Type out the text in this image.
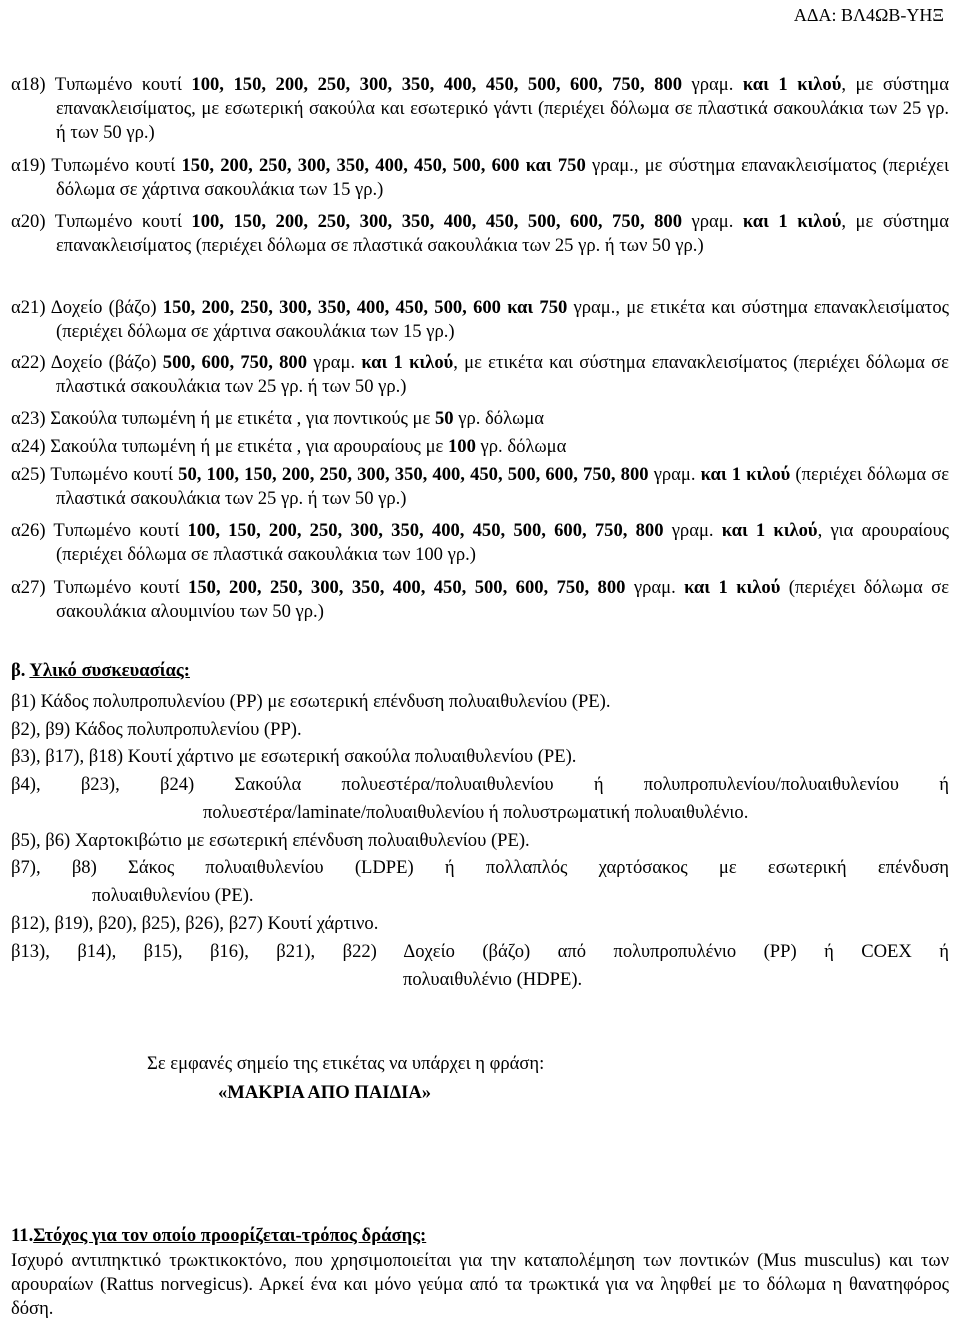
ΑΔΑ: ΒΛ4ΩΒ-ΥΗΞ
α18) Τυπωμένο κουτί 100, 150, 200, 250, 300, 350, 400, 450, 500, 600, 750, 800 γραμ. και 1 κιλού, με σύστημα επανακλεισίματος, με εσωτερική σακούλα και εσωτερικό γάντι (περιέχει δόλωμα σε πλαστικά σακουλάκια των 25 γρ. ή των 50 γρ.)
α19) Τυπωμένο κουτί 150, 200, 250, 300, 350, 400, 450, 500, 600 και 750 γραμ., με σύστημα επανακλεισίματος (περιέχει δόλωμα σε χάρτινα σακουλάκια των 15 γρ.)
α20) Τυπωμένο κουτί 100, 150, 200, 250, 300, 350, 400, 450, 500, 600, 750, 800 γραμ. και 1 κιλού, με σύστημα επανακλεισίματος (περιέχει δόλωμα σε πλαστικά σακουλάκια των 25 γρ. ή των 50 γρ.)
α21) Δοχείο (βάζο) 150, 200, 250, 300, 350, 400, 450, 500, 600 και 750 γραμ., με ετικέτα και σύστημα επανακλεισίματος (περιέχει δόλωμα σε χάρτινα σακουλάκια των 15 γρ.)
α22) Δοχείο (βάζο) 500, 600, 750, 800 γραμ. και 1 κιλού, με ετικέτα και σύστημα επανακλεισίματος (περιέχει δόλωμα σε πλαστικά σακουλάκια των 25 γρ. ή των 50 γρ.)
α23) Σακούλα τυπωμένη ή με ετικέτα , για ποντικούς με 50 γρ. δόλωμα
α24) Σακούλα τυπωμένη ή με ετικέτα , για αρουραίους με 100 γρ. δόλωμα
α25) Τυπωμένο κουτί 50, 100, 150, 200, 250, 300, 350, 400, 450, 500, 600, 750, 800 γραμ. και 1 κιλού (περιέχει δόλωμα σε πλαστικά σακουλάκια των 25 γρ. ή των 50 γρ.)
α26) Τυπωμένο κουτί 100, 150, 200, 250, 300, 350, 400, 450, 500, 600, 750, 800 γραμ. και 1 κιλού, για αρουραίους (περιέχει δόλωμα σε πλαστικά σακουλάκια των 100 γρ.)
α27) Τυπωμένο κουτί 150, 200, 250, 300, 350, 400, 450, 500, 600, 750, 800 γραμ. και 1 κιλού (περιέχει δόλωμα σε σακουλάκια αλουμινίου των 50 γρ.)
β. Υλικό συσκευασίας:
β1) Κάδος πολυπροπυλενίου (PP) με εσωτερική επένδυση πολυαιθυλενίου (PE).
β2), β9) Κάδος πολυπροπυλενίου (PP).
β3), β17), β18) Κουτί χάρτινο με εσωτερική σακούλα πολυαιθυλενίου (PE).
β4), β23), β24) Σακούλα πολυεστέρα/πολυαιθυλενίου ή πολυπροπυλενίου/πολυαιθυλενίου ή
πολυεστέρα/laminate/πολυαιθυλενίου ή πολυστρωματική πολυαιθυλένιο.
β5), β6) Χαρτοκιβώτιο με εσωτερική επένδυση πολυαιθυλενίου (PE).
β7), β8) Σάκος πολυαιθυλενίου (LDPE) ή πολλαπλός χαρτόσακος με εσωτερική επένδυση
πολυαιθυλενίου (PE).
β12), β19), β20), β25), β26), β27) Κουτί χάρτινο.
β13), β14), β15), β16), β21), β22) Δοχείο (βάζο) από πολυπροπυλένιο (PP) ή COEX ή
πολυαιθυλένιο (HDPE).
Σε εμφανές σημείο της ετικέτας να υπάρχει η φράση:
«ΜΑΚΡΙΑ ΑΠΟ ΠΑΙΔΙΑ»
11.Στόχος για τον οποίο προορίζεται-τρόπος δράσης:
Ισχυρό αντιπηκτικό τρωκτικοκτόνο, που χρησιμοποιείται για την καταπολέμηση των ποντικών (Mus musculus) και των αρουραίων (Rattus norvegicus). Αρκεί ένα και μόνο γεύμα από τα τρωκτικά για να ληφθεί με το δόλωμα η θανατηφόρος δόση.
